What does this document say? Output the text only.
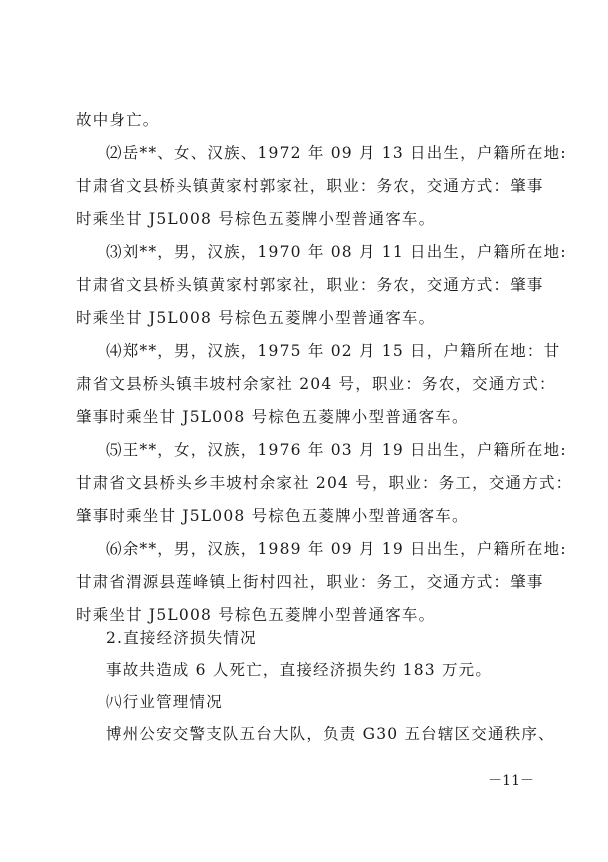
故中身亡。
⑵岳**、女、汉族、1972 年 09 月 13 日出生，户籍所在地:
甘肃省文县桥头镇黄家村郭家社，职业：务农，交通方式：肇事
时乘坐甘 J5L008 号棕色五菱牌小型普通客车。
⑶刘**，男，汉族，1970 年 08 月 11 日出生，户籍所在地:
甘肃省文县桥头镇黄家村郭家社，职业：务农，交通方式：肇事
时乘坐甘 J5L008 号棕色五菱牌小型普通客车。
⑷郑**，男，汉族，1975 年 02 月 15 日，户籍所在地：甘
肃省文县桥头镇丰坡村余家社 204 号，职业：务农，交通方式：
肇事时乘坐甘 J5L008 号棕色五菱牌小型普通客车。
⑸王**，女，汉族，1976 年 03 月 19 日出生，户籍所在地:
甘肃省文县桥头乡丰坡村余家社 204 号，职业：务工，交通方式：
肇事时乘坐甘 J5L008 号棕色五菱牌小型普通客车。
⑹余**，男，汉族，1989 年 09 月 19 日出生，户籍所在地:
甘肃省渭源县莲峰镇上街村四社，职业：务工，交通方式：肇事
时乘坐甘 J5L008 号棕色五菱牌小型普通客车。
2.直接经济损失情况
事故共造成 6 人死亡，直接经济损失约 183 万元。
㈧行业管理情况
博州公安交警支队五台大队，负责 G30 五台辖区交通秩序、
－11－
